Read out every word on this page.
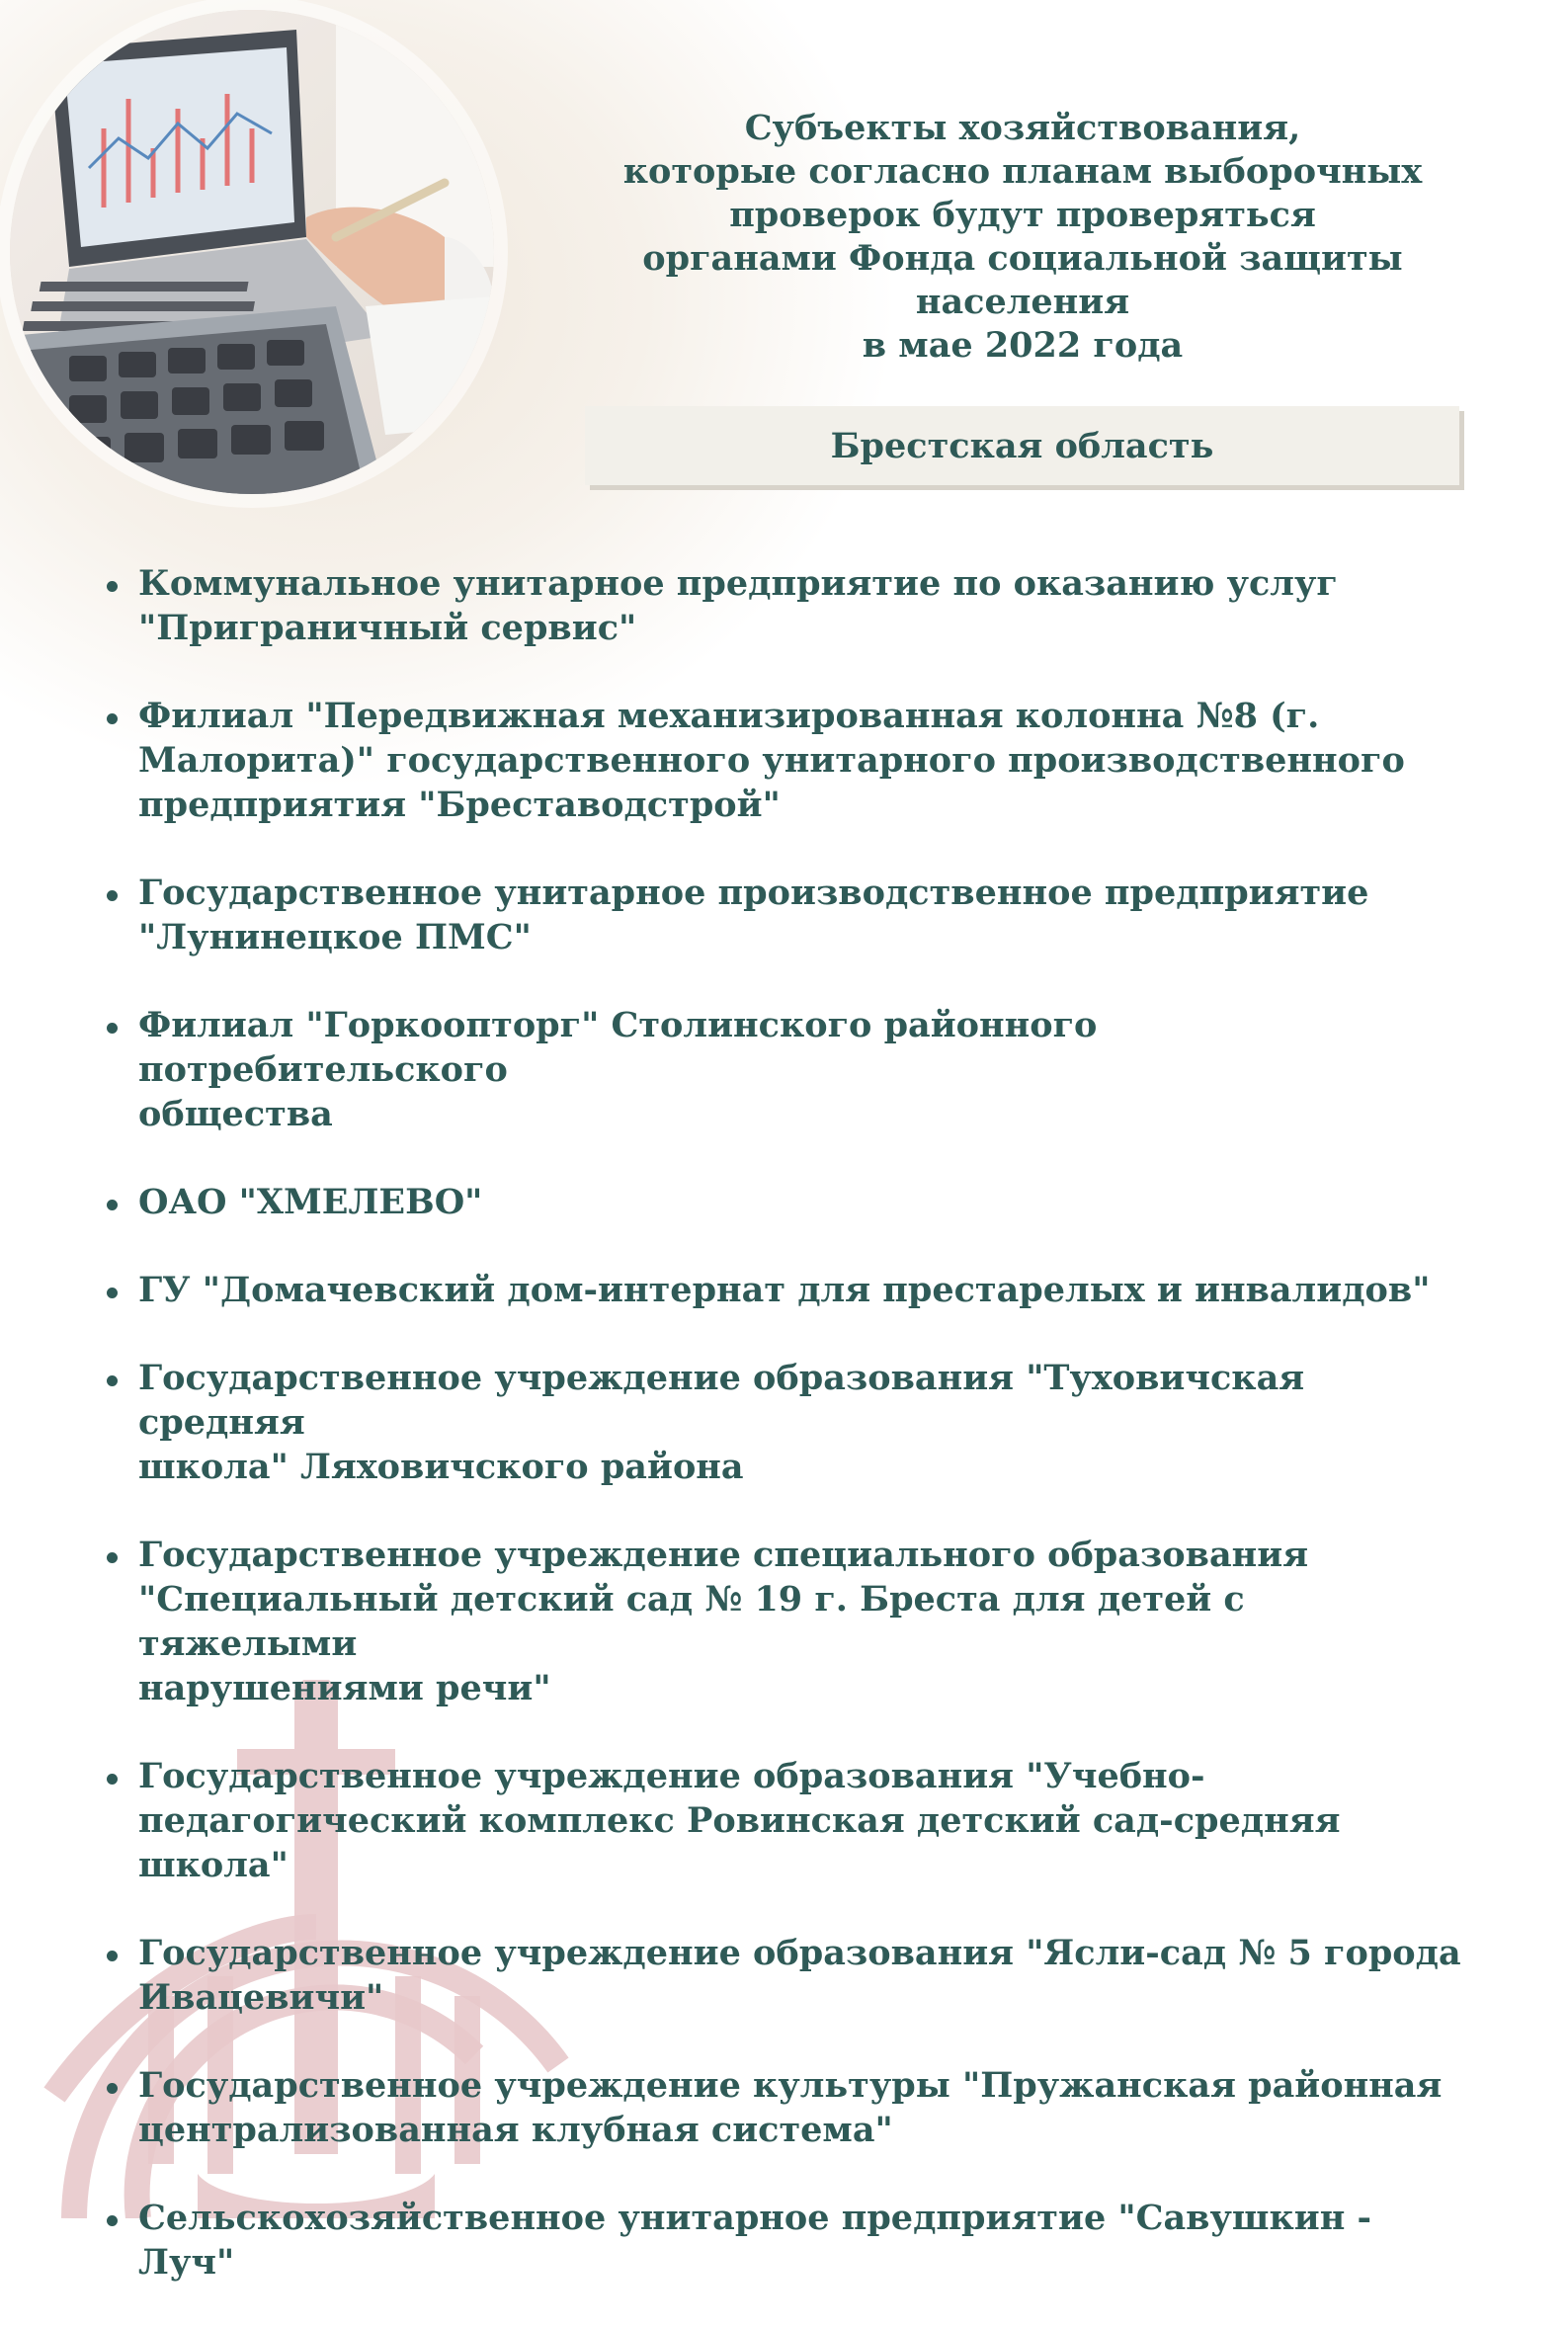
Субъекты хозяйствования,
которые согласно планам выборочных
проверок будут проверяться
органами Фонда социальной защиты
населения
в мае 2022 года
Брестская область
Коммунальное унитарное предприятие по оказанию услуг
"Приграничный сервис"
Филиал "Передвижная механизированная колонна №8 (г.
Малорита)" государственного унитарного производственного
предприятия "Бреставодстрой"
Государственное унитарное производственное предприятие
"Лунинецкое ПМС"
Филиал "Горкоопторг" Столинского районного потребительского
общества
ОАО "ХМЕЛЕВО"
ГУ "Домачевский дом-интернат для престарелых и инвалидов"
Государственное учреждение образования "Туховичская средняя
школа" Ляховичского района
Государственное учреждение специального образования
"Специальный детский сад № 19 г. Бреста для детей с тяжелыми
нарушениями речи"
Государственное учреждение образования "Учебно-
педагогический комплекс Ровинская детский сад-средняя школа"
Государственное учреждение образования "Ясли-сад № 5 города
Ивацевичи"
Государственное учреждение культуры "Пружанская районная
централизованная клубная система"
Сельскохозяйственное унитарное предприятие "Савушкин - Луч"
